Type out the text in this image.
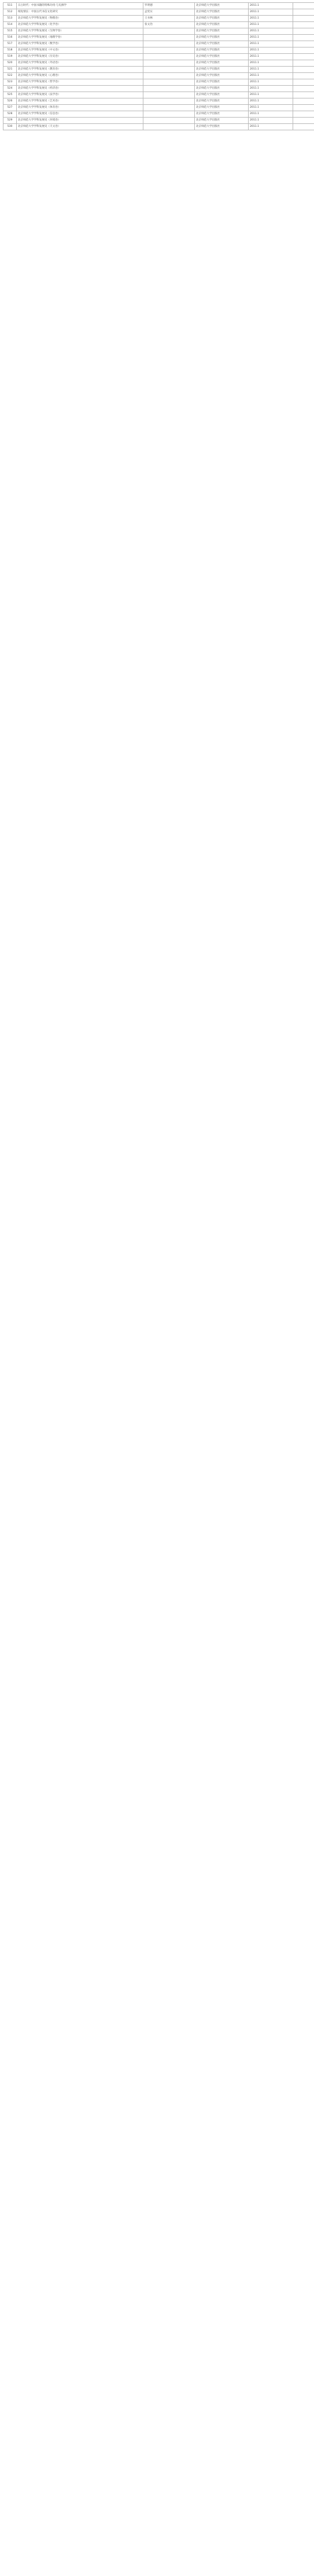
511	日占时代：中国书籍的特殊功用·与史源学	罗明德	北京师范大学出版社	2011.1	
512	纸短情长：中国古代书信文化研究	孟宪实	北京师范大学出版社	2011.1	
513	北京师范大学学科发展史（物理卷）	王书林	北京师范大学出版社	2011.1	
514	北京师范大学学科发展史（化学卷）	张文治	北京师范大学出版社	2011.1	
515	北京师范大学学科发展史（生物学卷）		北京师范大学出版社	2011.1	
516	北京师范大学学科发展史（地理学卷）		北京师范大学出版社	2011.1	
517	北京师范大学学科发展史（数学卷）		北京师范大学出版社	2011.1	
518	北京师范大学学科发展史（中文卷）		北京师范大学出版社	2011.1	
519	北京师范大学学科发展史（历史卷）		北京师范大学出版社	2011.1	
520	北京师范大学学科发展史（外语卷）		北京师范大学出版社	2011.1	
521	北京师范大学学科发展史（教育卷）		北京师范大学出版社	2011.1	
522	北京师范大学学科发展史（心理卷）		北京师范大学出版社	2011.1	
523	北京师范大学学科发展史（哲学卷）		北京师范大学出版社	2011.1	
524	北京师范大学学科发展史（经济卷）		北京师范大学出版社	2011.1	
525	北京师范大学学科发展史（法学卷）		北京师范大学出版社	2011.1	
526	北京师范大学学科发展史（艺术卷）		北京师范大学出版社	2011.1	
527	北京师范大学学科发展史（体育卷）		北京师范大学出版社	2011.1	
528	北京师范大学学科发展史（信息卷）		北京师范大学出版社	2011.1	
529	北京师范大学学科发展史（环境卷）		北京师范大学出版社	2011.1	
530	北京师范大学学科发展史（天文卷）		北京师范大学出版社	2011.1	
